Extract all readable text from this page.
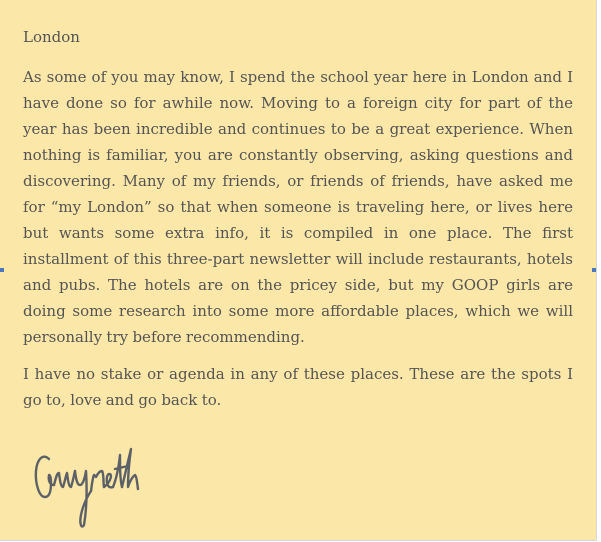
London

As some of you may know, I spend the school year here in London and I have done so for awhile now. Moving to a foreign city for part of the year has been incredible and continues to be a great experience. When nothing is familiar, you are constantly observing, asking questions and discovering. Many of my friends, or friends of friends, have asked me for “my London” so that when someone is traveling here, or lives here but wants some extra info, it is compiled in one place. The first installment of this three-part newsletter will include restaurants, hotels and pubs. The hotels are on the pricey side, but my GOOP girls are doing some research into some more affordable places, which we will personally try before recommending.

I have no stake or agenda in any of these places. These are the spots I go to, love and go back to.
